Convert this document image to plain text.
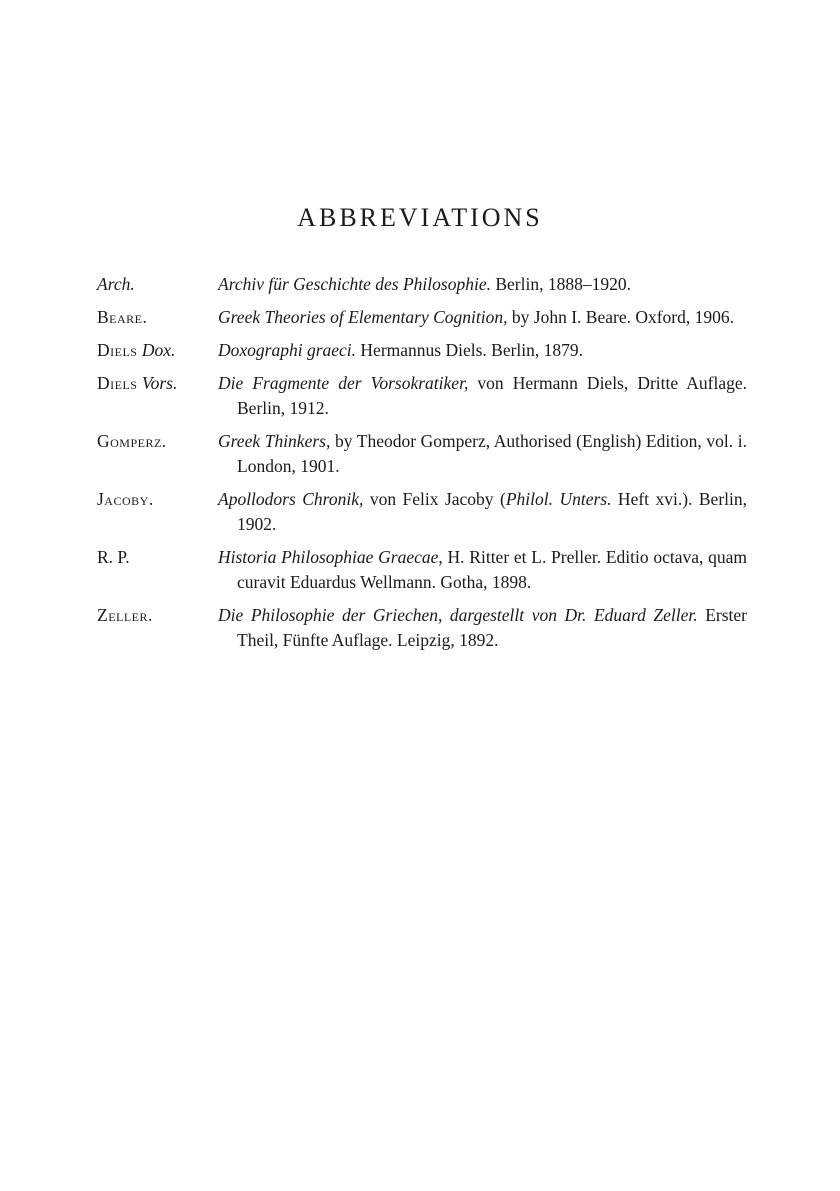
ABBREVIATIONS
Arch.	Archiv für Geschichte des Philosophie. Berlin, 1888–1920.
Beare.	Greek Theories of Elementary Cognition, by John I. Beare. Oxford, 1906.
Diels Dox.	Doxographi graeci. Hermannus Diels. Berlin, 1879.
Diels Vors.	Die Fragmente der Vorsokratiker, von Hermann Diels, Dritte Auflage. Berlin, 1912.
Gomperz.	Greek Thinkers, by Theodor Gomperz, Authorised (English) Edition, vol. i. London, 1901.
Jacoby.	Apollodors Chronik, von Felix Jacoby (Philol. Unters. Heft xvi.). Berlin, 1902.
R. P.	Historia Philosophiae Graecae, H. Ritter et L. Preller. Editio octava, quam curavit Eduardus Wellmann. Gotha, 1898.
Zeller.	Die Philosophie der Griechen, dargestellt von Dr. Eduard Zeller. Erster Theil, Fünfte Auflage. Leipzig, 1892.
